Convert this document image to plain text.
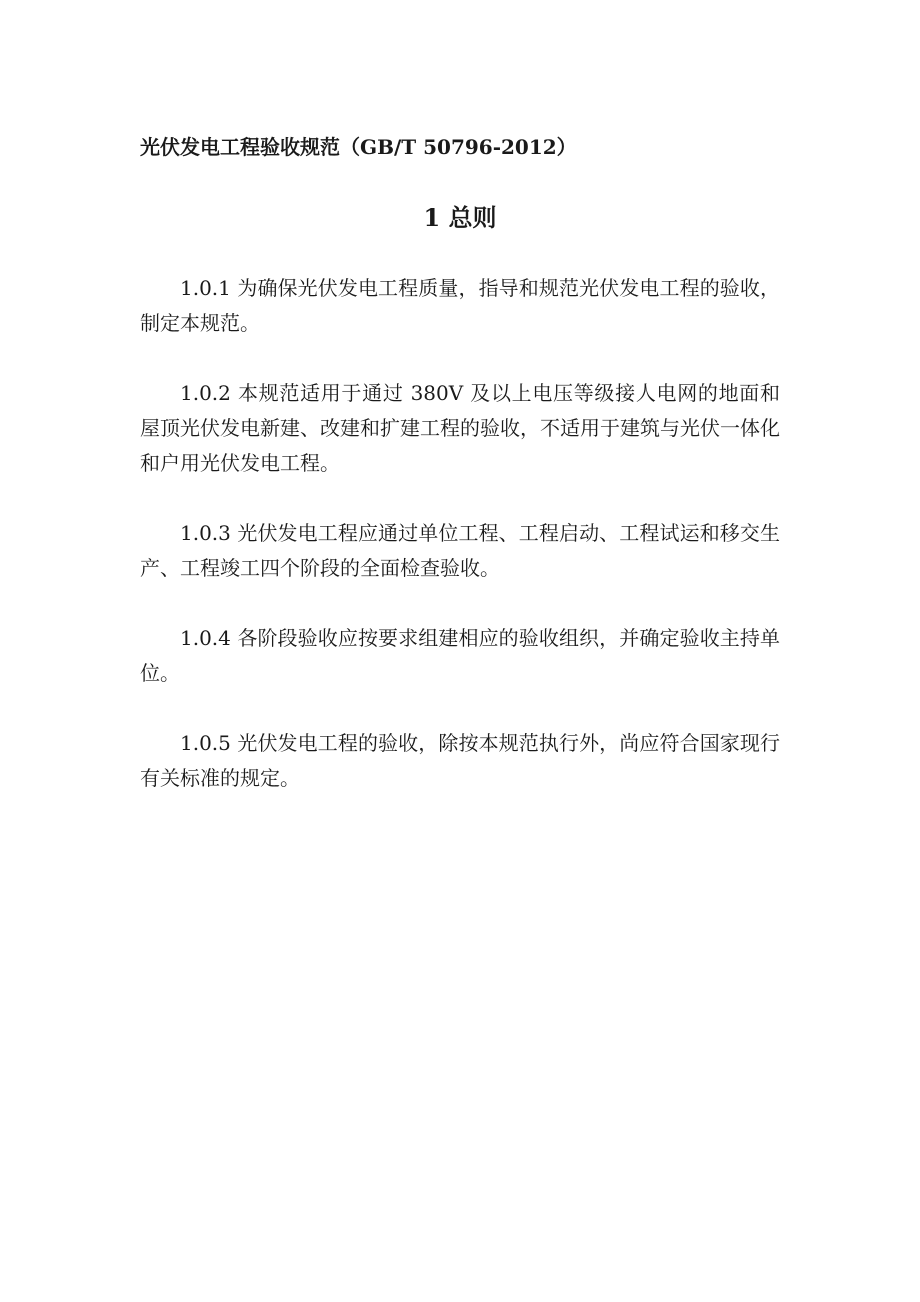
光伏发电工程验收规范（GB/T 50796-2012）
1 总则

1.0.1 为确保光伏发电工程质量，指导和规范光伏发电工程的验收，制定本规范。

1.0.2 本规范适用于通过 380V 及以上电压等级接人电网的地面和屋顶光伏发电新建、改建和扩建工程的验收，不适用于建筑与光伏一体化和户用光伏发电工程。

1.0.3 光伏发电工程应通过单位工程、工程启动、工程试运和移交生产、工程竣工四个阶段的全面检查验收。

1.0.4 各阶段验收应按要求组建相应的验收组织，并确定验收主持单位。

1.0.5 光伏发电工程的验收，除按本规范执行外，尚应符合国家现行有关标准的规定。
